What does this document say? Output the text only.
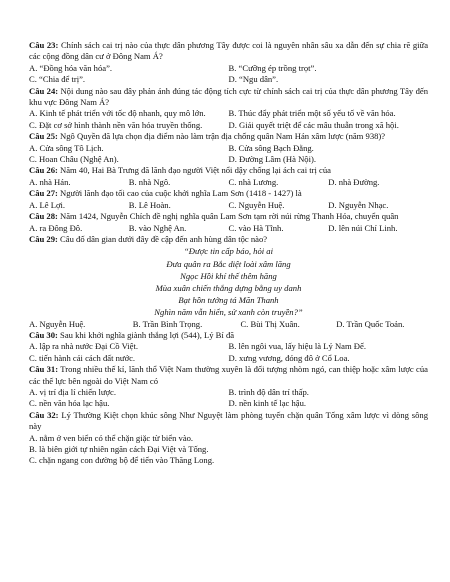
Câu 23: Chính sách cai trị nào của thực dân phương Tây được coi là nguyên nhân sâu xa dẫn đến sự chia rẽ giữa các cộng đồng dân cư ở Đông Nam Á?

A. “Đồng hóa văn hóa”.	B. “Cưỡng ép trồng trọt”.
C. “Chia để trị”.	D. “Ngu dân”.

Câu 24: Nội dung nào sau đây phản ánh đúng tác động tích cực từ chính sách cai trị của thực dân phương Tây đến khu vực Đông Nam Á?

A. Kinh tế phát triển với tốc độ nhanh, quy mô lớn.	B. Thúc đẩy phát triển một số yếu tố về văn hóa.
C. Đặt cơ sở hình thành nền văn hóa truyền thống.	D. Giải quyết triệt để các mâu thuẫn trong xã hội.

Câu 25: Ngô Quyền đã lựa chọn địa điểm nào làm trận địa chống quân Nam Hán xâm lược (năm 938)?

A. Cửa sông Tô Lịch.	B. Cửa sông Bạch Đằng.
C. Hoan Châu (Nghệ An).	D. Đường Lâm (Hà Nội).

Câu 26: Năm 40, Hai Bà Trưng đã lãnh đạo người Việt nổi dậy chống lại ách cai trị của

A. nhà Hán.	B. nhà Ngô.	C. nhà Lương.	D. nhà Đường.

Câu 27: Người lãnh đạo tối cao của cuộc khởi nghĩa Lam Sơn (1418 - 1427) là

A. Lê Lợi.	B. Lê Hoàn.	C. Nguyễn Huệ.	D. Nguyễn Nhạc.

Câu 28: Năm 1424, Nguyễn Chích đề nghị nghĩa quân Lam Sơn tạm rời núi rừng Thanh Hóa, chuyển quân

A. ra Đông Đô.	B. vào Nghệ An.	C. vào Hà Tĩnh.	D. lên núi Chí Linh.

Câu 29: Câu đố dân gian dưới đây đề cập đến anh hùng dân tộc nào?

“Được tin cấp báo, hỏi ai
Đưa quân ra Bắc diệt loài xâm lăng
Ngọc Hồi khí thế thêm hăng
Mùa xuân chiến thắng dựng bằng uy danh
Bạt hồn tướng tá Mãn Thanh
Nghìn năm vẫn hiển, sử xanh còn truyền?”
A. Nguyễn Huệ.	B. Trần Bình Trọng.	C. Bùi Thị Xuân.	D. Trần Quốc Toản.

Câu 30: Sau khi khởi nghĩa giành thắng lợi (544), Lý Bí đã

A. lập ra nhà nước Đại Cồ Việt.	B. lên ngôi vua, lấy hiệu là Lý Nam Đế.
C. tiến hành cải cách đất nước.	D. xưng vương, đóng đô ở Cổ Loa.

Câu 31: Trong nhiều thế kỉ, lãnh thổ Việt Nam thường xuyên là đối tượng nhòm ngó, can thiệp hoặc xâm lược của các thế lực bên ngoài do Việt Nam có

A. vị trí địa lí chiến lược.	B. trình độ dân trí thấp.
C. nền văn hóa lạc hậu.	D. nền kinh tế lạc hậu.

Câu 32: Lý Thường Kiệt chọn khúc sông Như Nguyệt làm phòng tuyến chặn quân Tống xâm lược vì dòng sông này

A. nằm ở ven biển có thể chặn giặc từ biển vào.
B. là biên giới tự nhiên ngăn cách Đại Việt và Tống.
C. chặn ngang con đường bộ để tiến vào Thăng Long.
